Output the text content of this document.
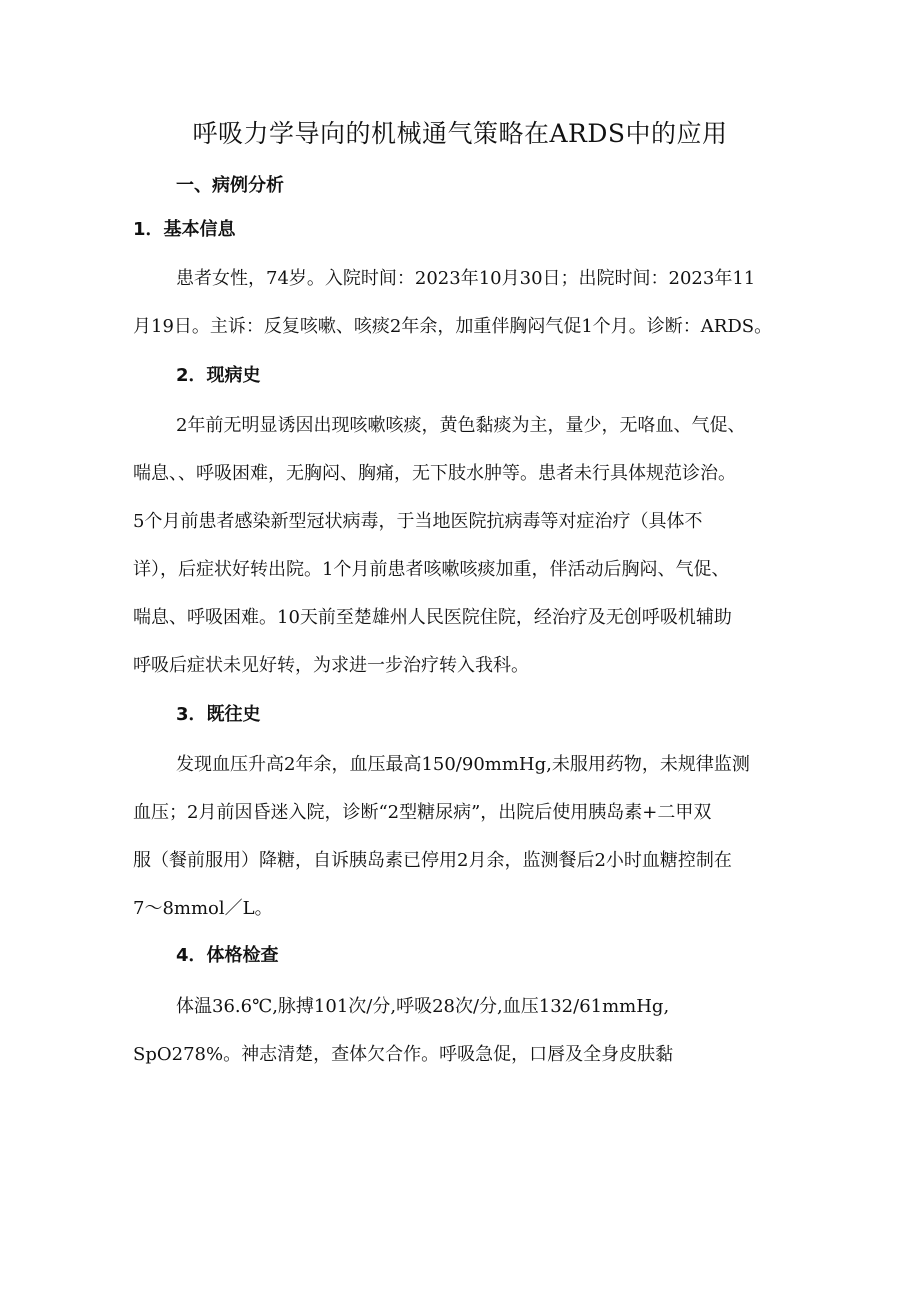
呼吸力学导向的机械通气策略在ARDS中的应用
一、病例分析
1．基本信息

患者女性，74岁。入院时间：2023年10月30日；出院时间：2023年11
月19日。主诉：反复咳嗽、咳痰2年余，加重伴胸闷气促1个月。诊断：ARDS。

2．现病史

2年前无明显诱因出现咳嗽咳痰，黄色黏痰为主，量少，无咯血、气促、
喘息、、呼吸困难，无胸闷、胸痛，无下肢水肿等。患者未行具体规范诊治。
5个月前患者感染新型冠状病毒，于当地医院抗病毒等对症治疗（具体不
详），后症状好转出院。1个月前患者咳嗽咳痰加重，伴活动后胸闷、气促、
喘息、呼吸困难。10天前至楚雄州人民医院住院，经治疗及无创呼吸机辅助
呼吸后症状未见好转，为求进一步治疗转入我科。

3．既往史

发现血压升高2年余，血压最高150/90mmHg,未服用药物，未规律监测
血压；2月前因昏迷入院，诊断“2型糖尿病”，出院后使用胰岛素+二甲双
服（餐前服用）降糖，自诉胰岛素已停用2月余，监测餐后2小时血糖控制在
7～8mmol／L。

4．体格检查

体温36.6℃,脉搏101次/分,呼吸28次/分,血压132/61mmHg,
SpO278%。神志清楚，查体欠合作。呼吸急促，口唇及全身皮肤黏
